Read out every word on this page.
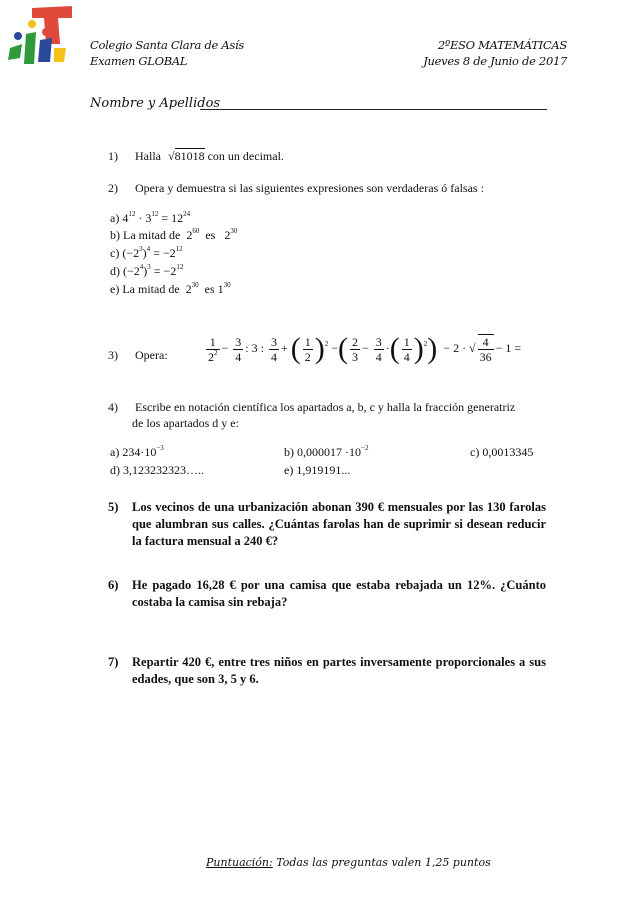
Colegio Santa Clara de Asís
Examen GLOBAL
2ºESO MATEMÁTICAS
Jueves 8 de Junio de 2017
Nombre y Apellidos
1) Halla √81018 con un decimal.
2) Opera y demuestra si las siguientes expresiones son verdaderas ó falsas :
a) $4^{12} \cdot 3^{12} = 12^{24}$
b) La mitad de  $2^{60}$ es   $2^{30}$
c) $(-2^3)^4 = -2^{12}$
d) $(-2^4)^3 = -2^{12}$
e) La mitad de  $2^{30}$ es $1^{30}$
3) Opera:	$\frac{1}{2^2} - \frac{3}{4}$ : 3 : $\frac{3}{4}$ + ( $\frac{1}{2} )^2$ −( $\frac{2}{3} - \frac{3}{4}$ ·( $\frac{1}{4} )^2) - 2$ · √ $\frac{4}{36} - 1$ =
4) Escribe en notación científica los apartados a, b, c y halla la fracción generatriz
de los apartados d y e:
a) $234\cdot 10^{-3}$	b) $0,000017 \cdot 10^{-2}$	c) 0,0013345
d) 3,123232323…..	e) 1,919191...
5)	Los vecinos de una urbanización abonan 390 € mensuales por las 130 farolas que alumbran sus calles. ¿Cuántas farolas han de suprimir si desean reducir la factura mensual a 240 €?
6)	He pagado 16,28 € por una camisa que estaba rebajada un 12%. ¿Cuánto costaba la camisa sin rebaja?
7)	Repartir 420 €, entre tres niños en partes inversamente proporcionales a sus edades, que son 3, 5 y 6.
Puntuación: Todas las preguntas valen 1,25 puntos
